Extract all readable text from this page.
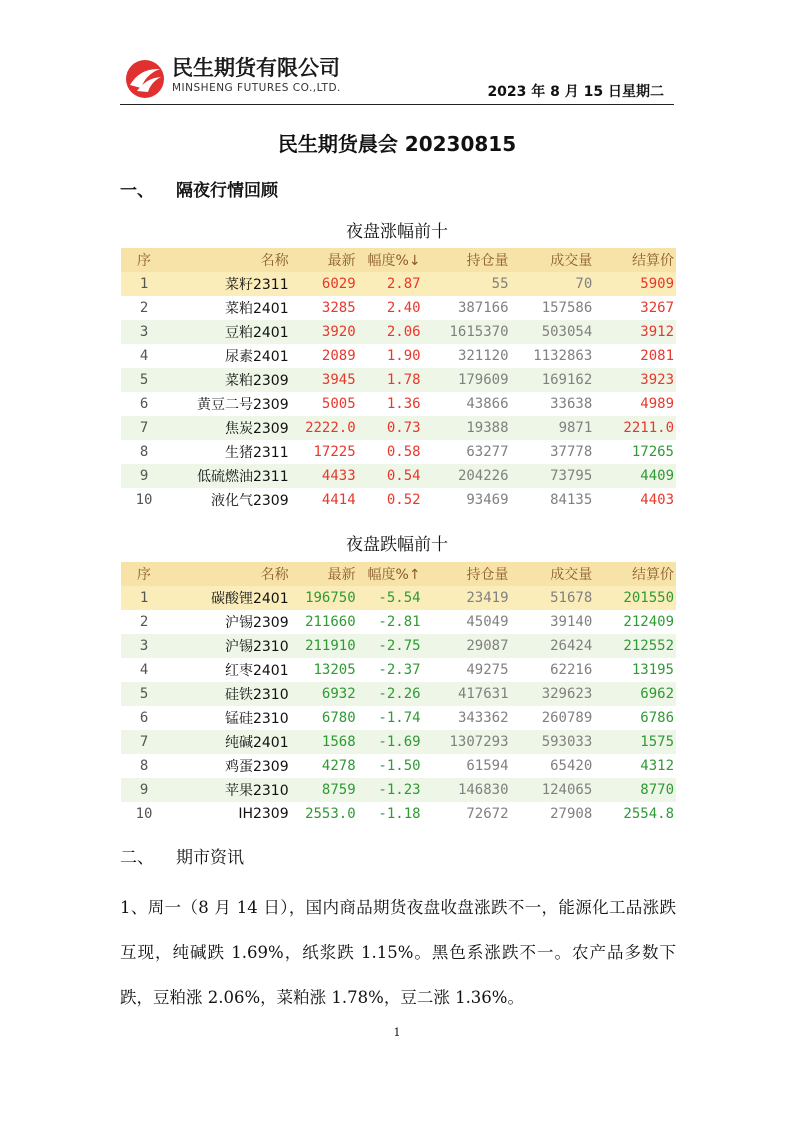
民生期货有限公司
MINSHENG FUTURES CO.,LTD.	2023 年 8 月 15 日星期二
民生期货晨会 20230815
一、 隔夜行情回顾
夜盘涨幅前十
序	名称	最新	幅度%↓	持仓量	成交量	结算价
1	菜籽2311	6029	2.87	55	70	5909
2	菜粕2401	3285	2.40	387166	157586	3267
3	豆粕2401	3920	2.06	1615370	503054	3912
4	尿素2401	2089	1.90	321120	1132863	2081
5	菜粕2309	3945	1.78	179609	169162	3923
6	黄豆二号2309	5005	1.36	43866	33638	4989
7	焦炭2309	2222.0	0.73	19388	9871	2211.0
8	生猪2311	17225	0.58	63277	37778	17265
9	低硫燃油2311	4433	0.54	204226	73795	4409
10	液化气2309	4414	0.52	93469	84135	4403
夜盘跌幅前十
序	名称	最新	幅度%↑	持仓量	成交量	结算价
1	碳酸锂2401	196750	-5.54	23419	51678	201550
2	沪锡2309	211660	-2.81	45049	39140	212409
3	沪锡2310	211910	-2.75	29087	26424	212552
4	红枣2401	13205	-2.37	49275	62216	13195
5	硅铁2310	6932	-2.26	417631	329623	6962
6	锰硅2310	6780	-1.74	343362	260789	6786
7	纯碱2401	1568	-1.69	1307293	593033	1575
8	鸡蛋2309	4278	-1.50	61594	65420	4312
9	苹果2310	8759	-1.23	146830	124065	8770
10	IH2309	2553.0	-1.18	72672	27908	2554.8
二、 期市资讯
1、周一（8 月 14 日），国内商品期货夜盘收盘涨跌不一，能源化工品涨跌互现，纯碱跌 1.69%，纸浆跌 1.15%。黑色系涨跌不一。农产品多数下跌，豆粕涨 2.06%，菜粕涨 1.78%，豆二涨 1.36%。
1
